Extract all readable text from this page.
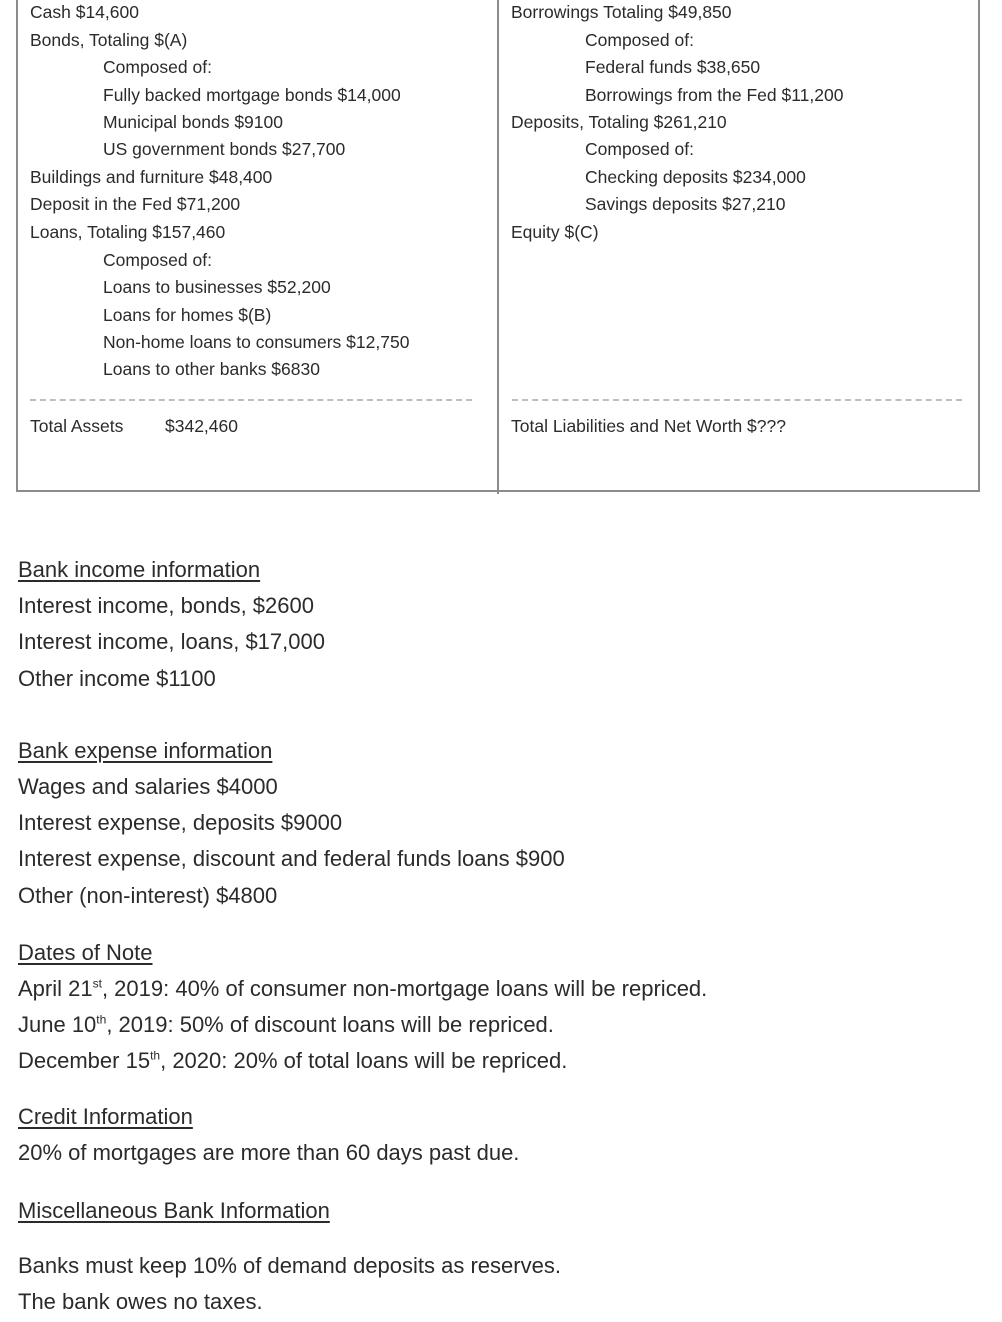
Cash $14,600
Bonds, Totaling $(A)
Composed of:
Fully backed mortgage bonds $14,000
Municipal bonds $9100
US government bonds $27,700
Buildings and furniture $48,400
Deposit in the Fed $71,200
Loans, Totaling $157,460
Composed of:
Loans to businesses $52,200
Loans for homes $(B)
Non-home loans to consumers $12,750
Loans to other banks $6830
Borrowings Totaling $49,850
Composed of:
Federal funds $38,650
Borrowings from the Fed $11,200
Deposits, Totaling $261,210
Composed of:
Checking deposits $234,000
Savings deposits $27,210
Equity $(C)
Total Assets $342,460	Total Liabilities and Net Worth $???
Bank income information
Interest income, bonds, $2600
Interest income, loans, $17,000
Other income $1100
Bank expense information
Wages and salaries $4000
Interest expense, deposits $9000
Interest expense, discount and federal funds loans $900
Other (non-interest) $4800
Dates of Note
April 21st, 2019: 40% of consumer non-mortgage loans will be repriced.
June 10th, 2019: 50% of discount loans will be repriced.
December 15th, 2020: 20% of total loans will be repriced.
Credit Information
20% of mortgages are more than 60 days past due.
Miscellaneous Bank Information
Banks must keep 10% of demand deposits as reserves.
The bank owes no taxes.
